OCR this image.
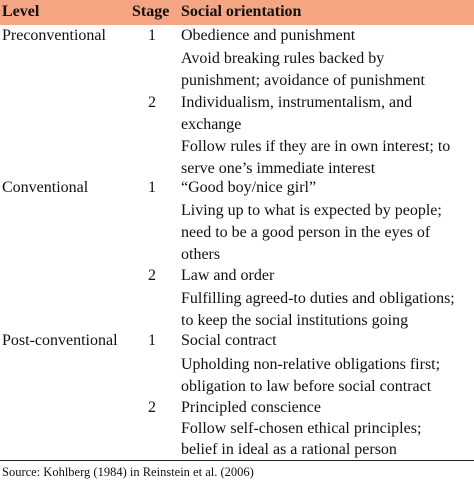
Level	Stage Social orientation
Preconventional	1 Obedience and punishment
Avoid breaking rules backed by
punishment; avoidance of punishment
2 Individualism, instrumentalism, and
exchange
Follow rules if they are in own interest; to
serve one’s immediate interest
Conventional	1 “Good boy/nice girl”
Living up to what is expected by people;
need to be a good person in the eyes of
others
2 Law and order
Fulfilling agreed-to duties and obligations;
to keep the social institutions going
Post-conventional 1 Social contract
Upholding non-relative obligations first;
obligation to law before social contract
2 Principled conscience
Follow self-chosen ethical principles;
belief in ideal as a rational person
Source: Kohlberg (1984) in Reinstein et al. (2006)
